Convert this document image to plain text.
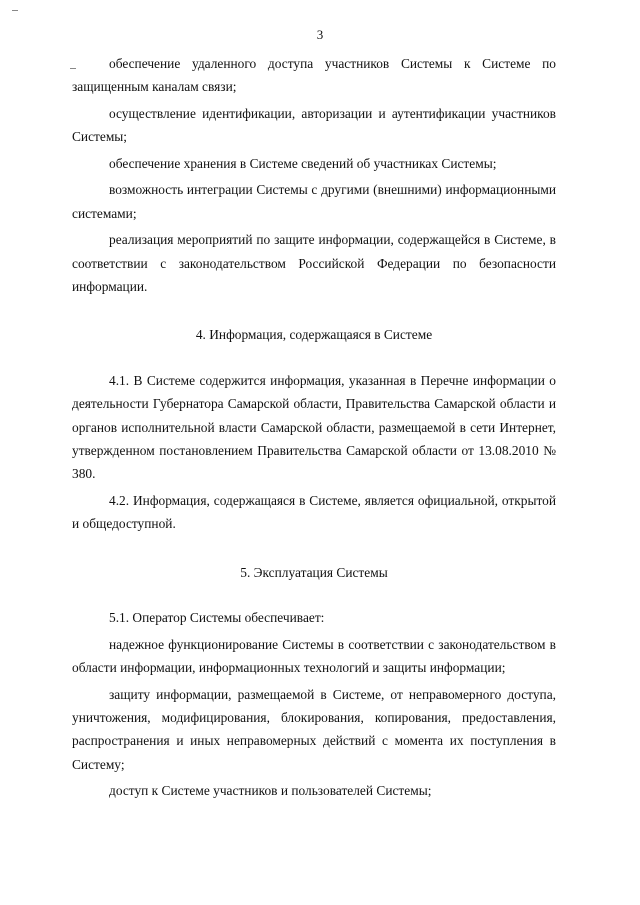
3

обеспечение удаленного доступа участников Системы к Системе по защищенным каналам связи;

осуществление идентификации, авторизации и аутентификации участников Системы;

обеспечение хранения в Системе сведений об участниках Системы;

возможность интеграции Системы с другими (внешними) информационными системами;

реализация мероприятий по защите информации, содержащейся в Системе, в соответствии с законодательством Российской Федерации по безопасности информации.

4. Информация, содержащаяся в Системе

4.1. В Системе содержится информация, указанная в Перечне информации о деятельности Губернатора Самарской области, Правительства Самарской области и органов исполнительной власти Самарской области, размещаемой в сети Интернет, утвержденном постановлением Правительства Самарской области от 13.08.2010 № 380.

4.2. Информация, содержащаяся в Системе, является официальной, открытой и общедоступной.

5. Эксплуатация Системы

5.1. Оператор Системы обеспечивает:

надежное функционирование Системы в соответствии с законодательством в области информации, информационных технологий и защиты информации;

защиту информации, размещаемой в Системе, от неправомерного доступа, уничтожения, модифицирования, блокирования, копирования, предоставления, распространения и иных неправомерных действий с момента их поступления в Систему;

доступ к Системе участников и пользователей Системы;
